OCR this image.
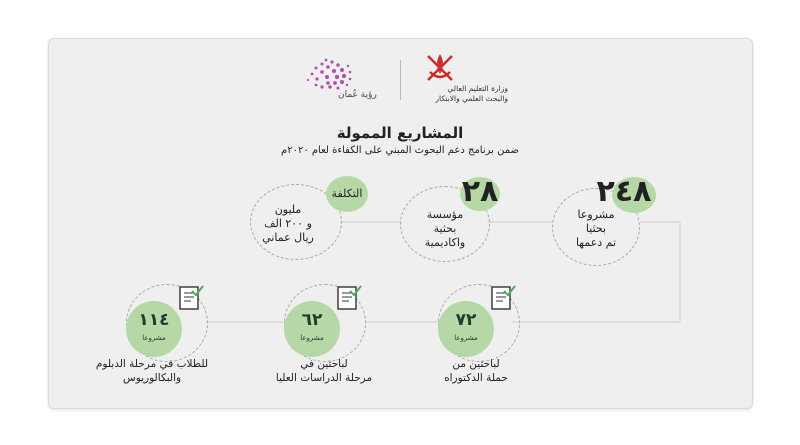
وزارة التعليم العالي
والبحث العلمي والابتكار
رؤية عُمان
المشاريع الممولة
ضمن برنامج دعم البحوث المبني على الكفاءة لعام ٢٠٢٠م
التكلفة
مليون
و ٢٠٠ الف
ريال عماني
٢٨
مؤسسة
بحثية
واكاديمية
٢٤٨
مشروعا
بحثيا
تم دعمها
١١٤
مشروعا
للطلاب في مرحلة الدبلوم
والبكالوريوس
٦٢
مشروعا
لباحثين في
مرحلة الدراسات العليا
٧٢
مشروعا
لباحثين من
حملة الدكتوراه
